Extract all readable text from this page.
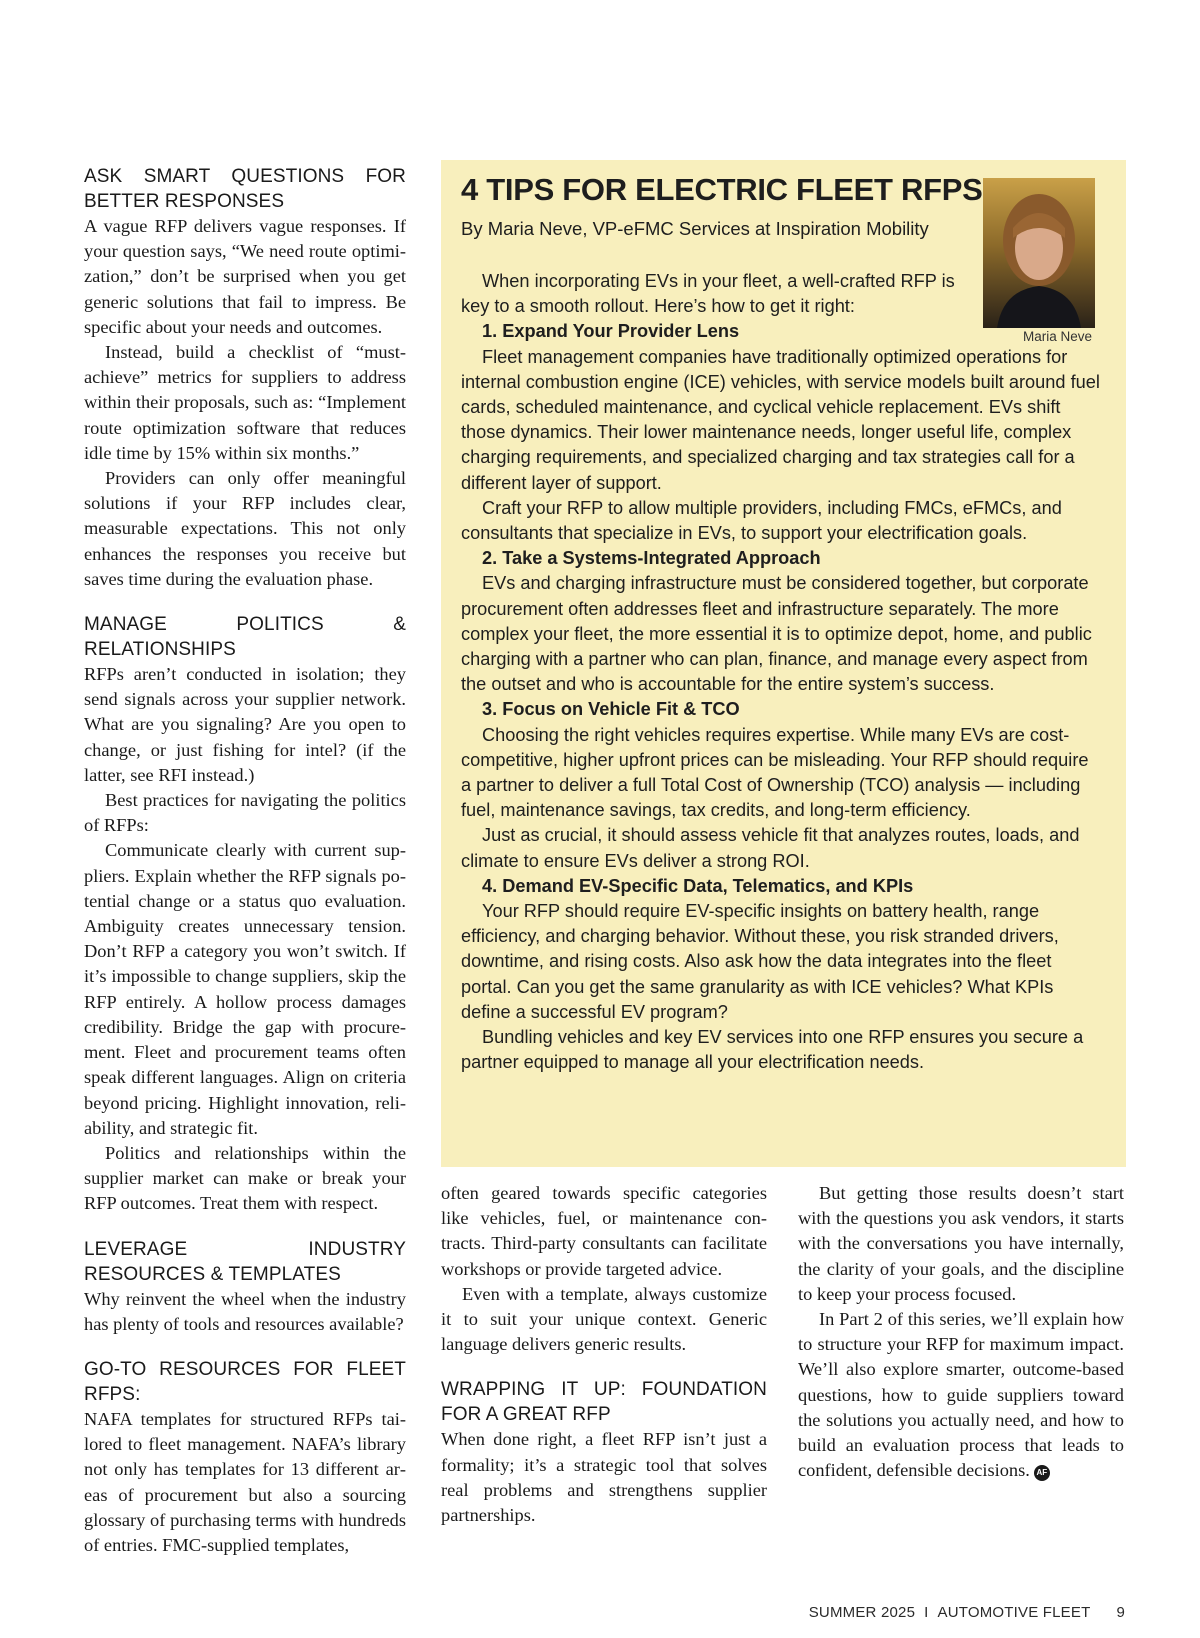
ASK SMART QUESTIONS FOR BETTER RESPONSES

A vague RFP delivers vague responses. If your question says, “We need route optimization,” don’t be surprised when you get generic solutions that fail to impress. Be specific about your needs and outcomes.

Instead, build a checklist of “must-achieve” metrics for suppliers to address within their proposals, such as: “Implement route optimization software that reduces idle time by 15% within six months.”

Providers can only offer meaningful solutions if your RFP includes clear, measurable expectations. This not only enhances the responses you receive but saves time during the evaluation phase.

MANAGE POLITICS & RELATIONSHIPS

RFPs aren’t conducted in isolation; they send signals across your supplier network. What are you signaling? Are you open to change, or just fishing for intel? (if the latter, see RFI instead.)

Best practices for navigating the politics of RFPs:

Communicate clearly with current suppliers. Explain whether the RFP signals potential change or a status quo evaluation. Ambiguity creates unnecessary tension. Don’t RFP a category you won’t switch. If it’s impossible to change suppliers, skip the RFP entirely. A hollow process damages credibility. Bridge the gap with procurement. Fleet and procurement teams often speak different languages. Align on criteria beyond pricing. Highlight innovation, reliability, and strategic fit.

Politics and relationships within the supplier market can make or break your RFP outcomes. Treat them with respect.

LEVERAGE INDUSTRY RESOURCES & TEMPLATES

Why reinvent the wheel when the industry has plenty of tools and resources available?

GO-TO RESOURCES FOR FLEET RFPS:

NAFA templates for structured RFPs tailored to fleet management. NAFA’s library not only has templates for 13 different areas of procurement but also a sourcing glossary of purchasing terms with hundreds of entries. FMC-supplied templates,

4 TIPS FOR ELECTRIC FLEET RFPS
By Maria Neve, VP-eFMC Services at Inspiration Mobility
Maria Neve

When incorporating EVs in your fleet, a well-crafted RFP is key to a smooth rollout. Here’s how to get it right:

1. Expand Your Provider Lens

Fleet management companies have traditionally optimized operations for internal combustion engine (ICE) vehicles, with service models built around fuel cards, scheduled maintenance, and cyclical vehicle replacement. EVs shift those dynamics. Their lower maintenance needs, longer useful life, complex charging requirements, and specialized charging and tax strategies call for a different layer of support.

Craft your RFP to allow multiple providers, including FMCs, eFMCs, and consultants that specialize in EVs, to support your electrification goals.

2. Take a Systems-Integrated Approach

EVs and charging infrastructure must be considered together, but corporate procurement often addresses fleet and infrastructure separately. The more complex your fleet, the more essential it is to optimize depot, home, and public charging with a partner who can plan, finance, and manage every aspect from the outset and who is accountable for the entire system’s success.

3. Focus on Vehicle Fit & TCO

Choosing the right vehicles requires expertise. While many EVs are cost-competitive, higher upfront prices can be misleading. Your RFP should require a partner to deliver a full Total Cost of Ownership (TCO) analysis — including fuel, maintenance savings, tax credits, and long-term efficiency.

Just as crucial, it should assess vehicle fit that analyzes routes, loads, and climate to ensure EVs deliver a strong ROI.

4. Demand EV-Specific Data, Telematics, and KPIs

Your RFP should require EV-specific insights on battery health, range efficiency, and charging behavior. Without these, you risk stranded drivers, downtime, and rising costs. Also ask how the data integrates into the fleet portal. Can you get the same granularity as with ICE vehicles? What KPIs define a successful EV program?

Bundling vehicles and key EV services into one RFP ensures you secure a partner equipped to manage all your electrification needs.

often geared towards specific categories like vehicles, fuel, or maintenance contracts. Third-party consultants can facilitate workshops or provide targeted advice.

Even with a template, always customize it to suit your unique context. Generic language delivers generic results.

WRAPPING IT UP: FOUNDATION FOR A GREAT RFP

When done right, a fleet RFP isn’t just a formality; it’s a strategic tool that solves real problems and strengthens supplier partnerships.

But getting those results doesn’t start with the questions you ask vendors, it starts with the conversations you have internally, the clarity of your goals, and the discipline to keep your process focused.

In Part 2 of this series, we’ll explain how to structure your RFP for maximum impact. We’ll also explore smarter, outcome-based questions, how to guide suppliers toward the solutions you actually need, and how to build an evaluation process that leads to confident, defensible decisions. AF

SUMMER 2025 I AUTOMOTIVE FLEET 9
